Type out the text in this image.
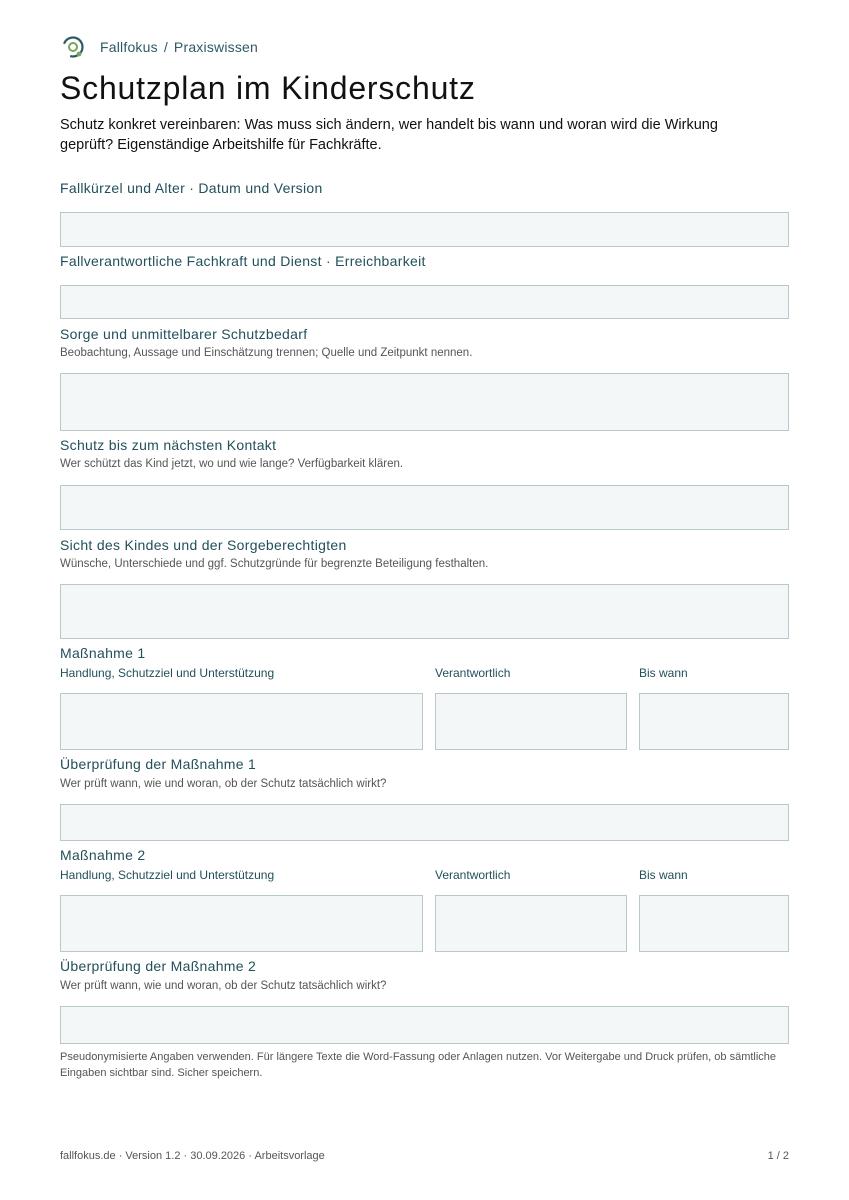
Fallfokus / Praxiswissen
Schutzplan im Kinderschutz

Schutz konkret vereinbaren: Was muss sich ändern, wer handelt bis wann und woran wird die Wirkung geprüft? Eigenständige Arbeitshilfe für Fachkräfte.

Fallkürzel und Alter · Datum und Version

Fallverantwortliche Fachkraft und Dienst · Erreichbarkeit

Sorge und unmittelbarer Schutzbedarf

Beobachtung, Aussage und Einschätzung trennen; Quelle und Zeitpunkt nennen.

Schutz bis zum nächsten Kontakt

Wer schützt das Kind jetzt, wo und wie lange? Verfügbarkeit klären.

Sicht des Kindes und der Sorgeberechtigten

Wünsche, Unterschiede und ggf. Schutzgründe für begrenzte Beteiligung festhalten.

Maßnahme 1

Handlung, Schutzziel und Unterstützung	Verantwortlich	Bis wann

Überprüfung der Maßnahme 1

Wer prüft wann, wie und woran, ob der Schutz tatsächlich wirkt?

Maßnahme 2

Handlung, Schutzziel und Unterstützung	Verantwortlich	Bis wann

Überprüfung der Maßnahme 2

Wer prüft wann, wie und woran, ob der Schutz tatsächlich wirkt?

Pseudonymisierte Angaben verwenden. Für längere Texte die Word-Fassung oder Anlagen nutzen. Vor Weitergabe und Druck prüfen, ob sämtliche Eingaben sichtbar sind. Sicher speichern.

fallfokus.de · Version 1.2 · 30.09.2026 · Arbeitsvorlage	1 / 2
